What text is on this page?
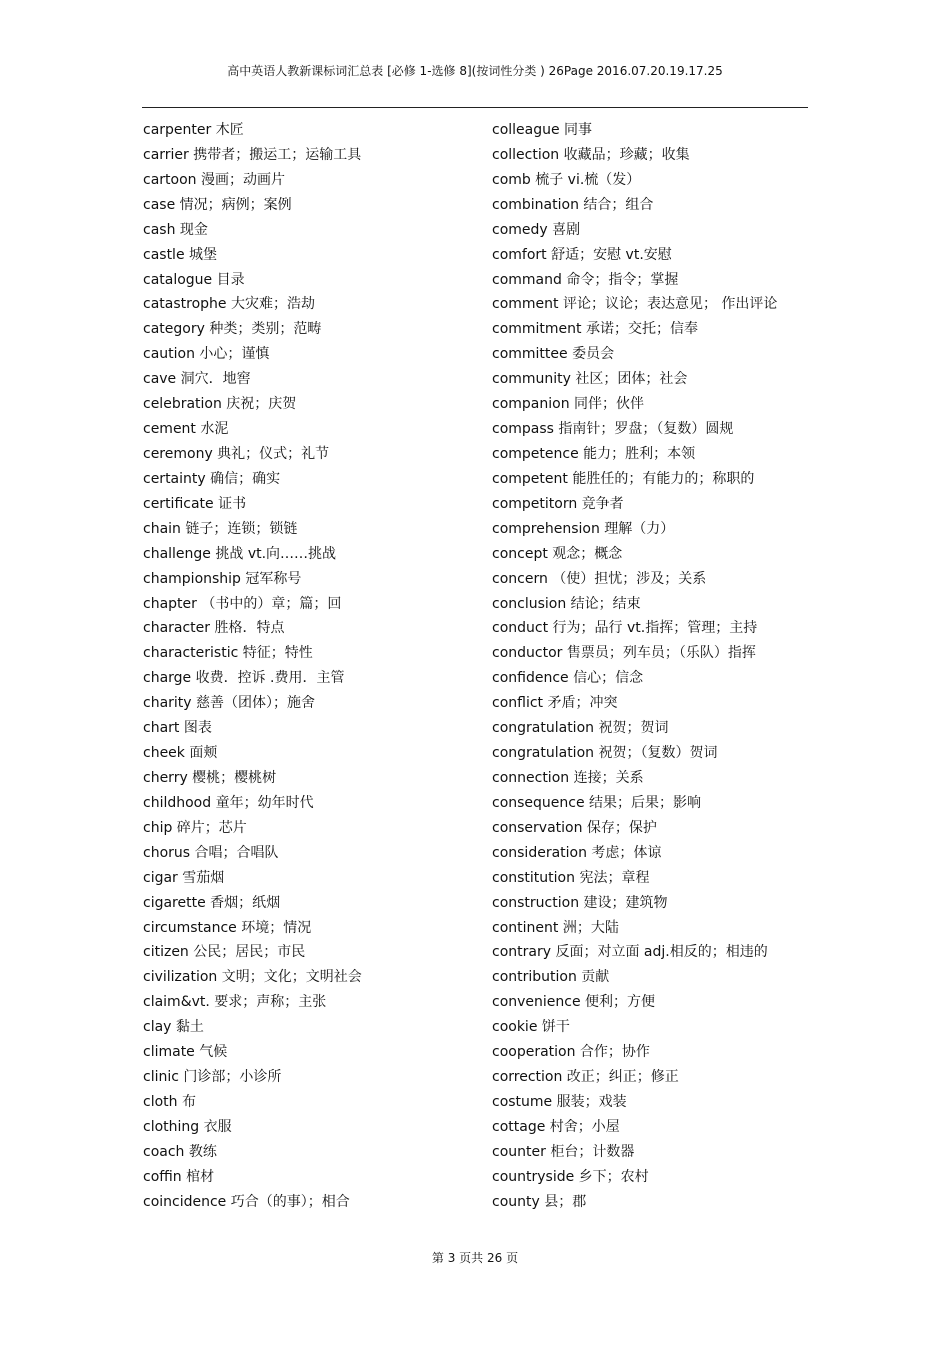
高中英语人教新课标词汇总表 [必修 1-选修 8](按词性分类 ) 26Page 2016.07.20.19.17.25
carpenter 木匠
carrier 携带者；搬运工；运输工具
cartoon 漫画；动画片
case 情况；病例；案例
cash 现金
castle 城堡
catalogue 目录
catastrophe 大灾难；浩劫
category 种类；类别；范畴
caution 小心；谨慎
cave 洞穴．地窖
celebration 庆祝；庆贺
cement 水泥
ceremony 典礼；仪式；礼节
certainty 确信；确实
certificate 证书
chain 链子；连锁；锁链
challenge 挑战 vt.向……挑战
championship 冠军称号
chapter （书中的）章；篇；回
character 胜格．特点
characteristic 特征；特性
charge 收费．控诉 .费用．主管
charity 慈善（团体）；施舍
chart 图表
cheek 面颊
cherry 樱桃；樱桃树
childhood 童年；幼年时代
chip 碎片；芯片
chorus 合唱；合唱队
cigar 雪茄烟
cigarette 香烟；纸烟
circumstance 环境；情况
citizen 公民；居民；市民
civilization 文明；文化；文明社会
claim&vt. 要求；声称；主张
clay 黏土
climate 气候
clinic 门诊部；小诊所
cloth 布
clothing 衣服
coach 教练
coffin 棺材
coincidence 巧合（的事）；相合
colleague 同事
collection 收藏品；珍藏；收集
comb 梳子 vi.梳（发）
combination 结合；组合
comedy 喜剧
comfort 舒适；安慰 vt.安慰
command 命令；指令；掌握
comment 评论；议论；表达意见； 作出评论
commitment 承诺；交托；信奉
committee 委员会
community 社区；团体；社会
companion 同伴；伙伴
compass 指南针；罗盘；（复数）圆规
competence 能力；胜利；本领
competent 能胜任的；有能力的；称职的
competitorn 竞争者
comprehension 理解（力）
concept 观念；概念
concern （使）担忧；涉及；关系
conclusion 结论；结束
conduct 行为；品行 vt.指挥；管理；主持
conductor 售票员；列车员；（乐队）指挥
confidence 信心；信念
conflict 矛盾；冲突
congratulation 祝贺；贺词
congratulation 祝贺；（复数）贺词
connection 连接；关系
consequence 结果；后果；影响
conservation 保存；保护
consideration 考虑；体谅
constitution 宪法；章程
construction 建设；建筑物
continent 洲；大陆
contrary 反面；对立面 adj.相反的；相违的
contribution 贡献
convenience 便利；方便
cookie 饼干
cooperation 合作；协作
correction 改正；纠正；修正
costume 服装；戏装
cottage 村舍；小屋
counter 柜台；计数器
countryside 乡下；农村
county 县；郡
第 3 页共 26 页
